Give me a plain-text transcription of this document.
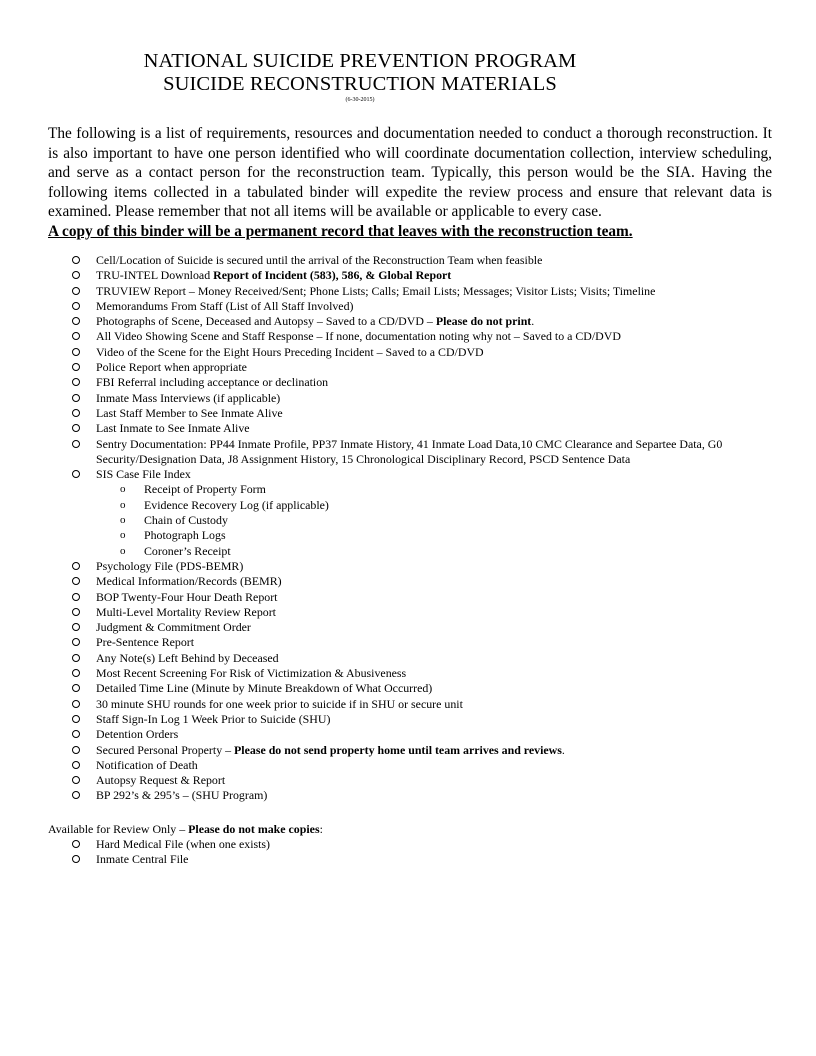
NATIONAL SUICIDE PREVENTION PROGRAM
SUICIDE RECONSTRUCTION MATERIALS
(6-30-2015)

The following is a list of requirements, resources and documentation needed to conduct a thorough reconstruction. It is also important to have one person identified who will coordinate documentation collection, interview scheduling, and serve as a contact person for the reconstruction team. Typically, this person would be the SIA. Having the following items collected in a tabulated binder will expedite the review process and ensure that relevant data is examined. Please remember that not all items will be available or applicable to every case.

A copy of this binder will be a permanent record that leaves with the reconstruction team.

Cell/Location of Suicide is secured until the arrival of the Reconstruction Team when feasible
TRU-INTEL Download Report of Incident (583), 586, & Global Report
TRUVIEW Report – Money Received/Sent; Phone Lists; Calls; Email Lists; Messages; Visitor Lists; Visits; Timeline
Memorandums From Staff (List of All Staff Involved)
Photographs of Scene, Deceased and Autopsy – Saved to a CD/DVD – Please do not print.
All Video Showing Scene and Staff Response – If none, documentation noting why not – Saved to a CD/DVD
Video of the Scene for the Eight Hours Preceding Incident – Saved to a CD/DVD
Police Report when appropriate
FBI Referral including acceptance or declination
Inmate Mass Interviews (if applicable)
Last Staff Member to See Inmate Alive
Last Inmate to See Inmate Alive
Sentry Documentation: PP44 Inmate Profile, PP37 Inmate History, 41 Inmate Load Data,10 CMC Clearance and Separtee Data, G0 Security/Designation Data, J8 Assignment History, 15 Chronological Disciplinary Record, PSCD Sentence Data
SIS Case File Index
o Receipt of Property Form
o Evidence Recovery Log (if applicable)
o Chain of Custody
o Photograph Logs
o Coroner’s Receipt
Psychology File (PDS-BEMR)
Medical Information/Records (BEMR)
BOP Twenty-Four Hour Death Report
Multi-Level Mortality Review Report
Judgment & Commitment Order
Pre-Sentence Report
Any Note(s) Left Behind by Deceased
Most Recent Screening For Risk of Victimization & Abusiveness
Detailed Time Line (Minute by Minute Breakdown of What Occurred)
30 minute SHU rounds for one week prior to suicide if in SHU or secure unit
Staff Sign-In Log 1 Week Prior to Suicide (SHU)
Detention Orders
Secured Personal Property – Please do not send property home until team arrives and reviews.
Notification of Death
Autopsy Request & Report
BP 292’s & 295’s – (SHU Program)
Available for Review Only – Please do not make copies:
Hard Medical File (when one exists)
Inmate Central File
